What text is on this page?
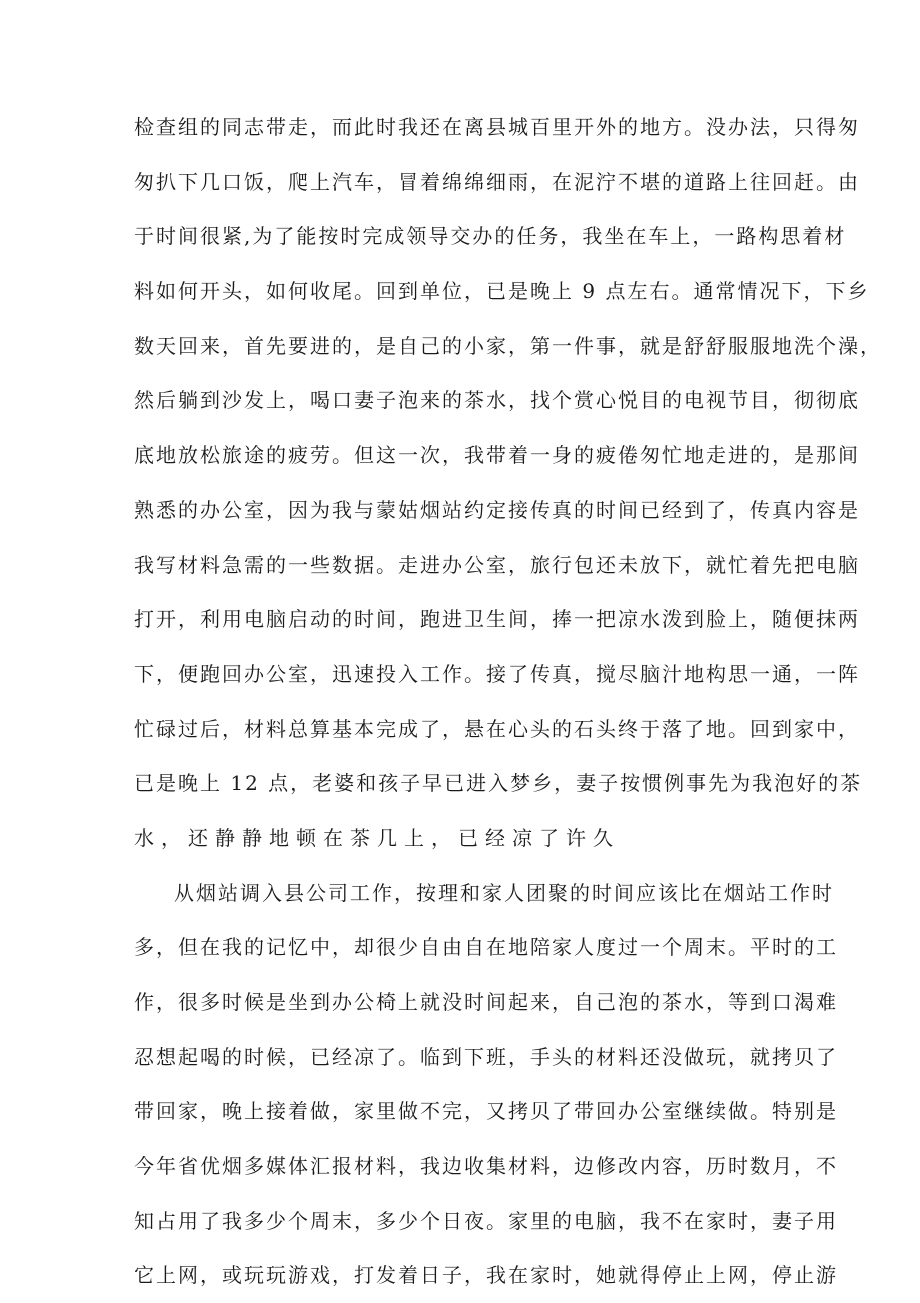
检查组的同志带走，而此时我还在离县城百里开外的地方。没办法，只得匆
匆扒下几口饭，爬上汽车，冒着绵绵细雨，在泥泞不堪的道路上往回赶。由
于时间很紧,为了能按时完成领导交办的任务，我坐在车上，一路构思着材
料如何开头，如何收尾。回到单位，已是晚上 9 点左右。通常情况下，下乡
数天回来，首先要进的，是自己的小家，第一件事，就是舒舒服服地洗个澡，
然后躺到沙发上，喝口妻子泡来的茶水，找个赏心悦目的电视节目，彻彻底
底地放松旅途的疲劳。但这一次，我带着一身的疲倦匆忙地走进的，是那间
熟悉的办公室，因为我与蒙姑烟站约定接传真的时间已经到了，传真内容是
我写材料急需的一些数据。走进办公室，旅行包还未放下，就忙着先把电脑
打开，利用电脑启动的时间，跑进卫生间，捧一把凉水泼到脸上，随便抹两
下，便跑回办公室，迅速投入工作。接了传真，搅尽脑汁地构思一通，一阵
忙碌过后，材料总算基本完成了，悬在心头的石头终于落了地。回到家中，
已是晚上 12 点，老婆和孩子早已进入梦乡，妻子按惯例事先为我泡好的茶
水，还静静地顿在茶几上，已经凉了许久
从烟站调入县公司工作，按理和家人团聚的时间应该比在烟站工作时
多，但在我的记忆中，却很少自由自在地陪家人度过一个周末。平时的工
作，很多时候是坐到办公椅上就没时间起来，自己泡的茶水，等到口渴难
忍想起喝的时候，已经凉了。临到下班，手头的材料还没做玩，就拷贝了
带回家，晚上接着做，家里做不完，又拷贝了带回办公室继续做。特别是
今年省优烟多媒体汇报材料，我边收集材料，边修改内容，历时数月，不
知占用了我多少个周末，多少个日夜。家里的电脑，我不在家时，妻子用
它上网，或玩玩游戏，打发着日子，我在家时，她就得停止上网，停止游
